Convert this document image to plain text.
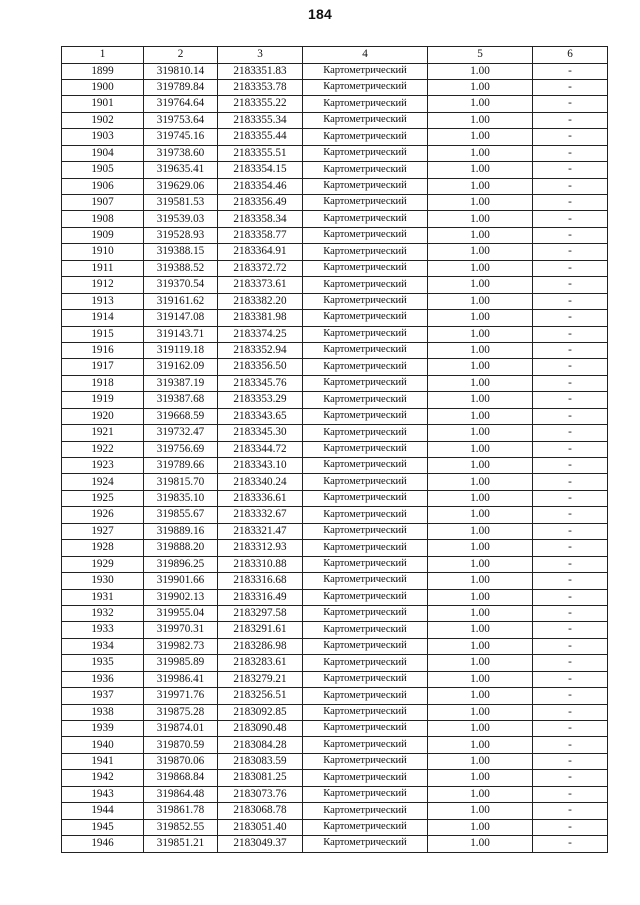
184
1	2	3	4	5	6
1899	319810.14	2183351.83	Картометрический	1.00	-
1900	319789.84	2183353.78	Картометрический	1.00	-
1901	319764.64	2183355.22	Картометрический	1.00	-
1902	319753.64	2183355.34	Картометрический	1.00	-
1903	319745.16	2183355.44	Картометрический	1.00	-
1904	319738.60	2183355.51	Картометрический	1.00	-
1905	319635.41	2183354.15	Картометрический	1.00	-
1906	319629.06	2183354.46	Картометрический	1.00	-
1907	319581.53	2183356.49	Картометрический	1.00	-
1908	319539.03	2183358.34	Картометрический	1.00	-
1909	319528.93	2183358.77	Картометрический	1.00	-
1910	319388.15	2183364.91	Картометрический	1.00	-
1911	319388.52	2183372.72	Картометрический	1.00	-
1912	319370.54	2183373.61	Картометрический	1.00	-
1913	319161.62	2183382.20	Картометрический	1.00	-
1914	319147.08	2183381.98	Картометрический	1.00	-
1915	319143.71	2183374.25	Картометрический	1.00	-
1916	319119.18	2183352.94	Картометрический	1.00	-
1917	319162.09	2183356.50	Картометрический	1.00	-
1918	319387.19	2183345.76	Картометрический	1.00	-
1919	319387.68	2183353.29	Картометрический	1.00	-
1920	319668.59	2183343.65	Картометрический	1.00	-
1921	319732.47	2183345.30	Картометрический	1.00	-
1922	319756.69	2183344.72	Картометрический	1.00	-
1923	319789.66	2183343.10	Картометрический	1.00	-
1924	319815.70	2183340.24	Картометрический	1.00	-
1925	319835.10	2183336.61	Картометрический	1.00	-
1926	319855.67	2183332.67	Картометрический	1.00	-
1927	319889.16	2183321.47	Картометрический	1.00	-
1928	319888.20	2183312.93	Картометрический	1.00	-
1929	319896.25	2183310.88	Картометрический	1.00	-
1930	319901.66	2183316.68	Картометрический	1.00	-
1931	319902.13	2183316.49	Картометрический	1.00	-
1932	319955.04	2183297.58	Картометрический	1.00	-
1933	319970.31	2183291.61	Картометрический	1.00	-
1934	319982.73	2183286.98	Картометрический	1.00	-
1935	319985.89	2183283.61	Картометрический	1.00	-
1936	319986.41	2183279.21	Картометрический	1.00	-
1937	319971.76	2183256.51	Картометрический	1.00	-
1938	319875.28	2183092.85	Картометрический	1.00	-
1939	319874.01	2183090.48	Картометрический	1.00	-
1940	319870.59	2183084.28	Картометрический	1.00	-
1941	319870.06	2183083.59	Картометрический	1.00	-
1942	319868.84	2183081.25	Картометрический	1.00	-
1943	319864.48	2183073.76	Картометрический	1.00	-
1944	319861.78	2183068.78	Картометрический	1.00	-
1945	319852.55	2183051.40	Картометрический	1.00	-
1946	319851.21	2183049.37	Картометрический	1.00	-
